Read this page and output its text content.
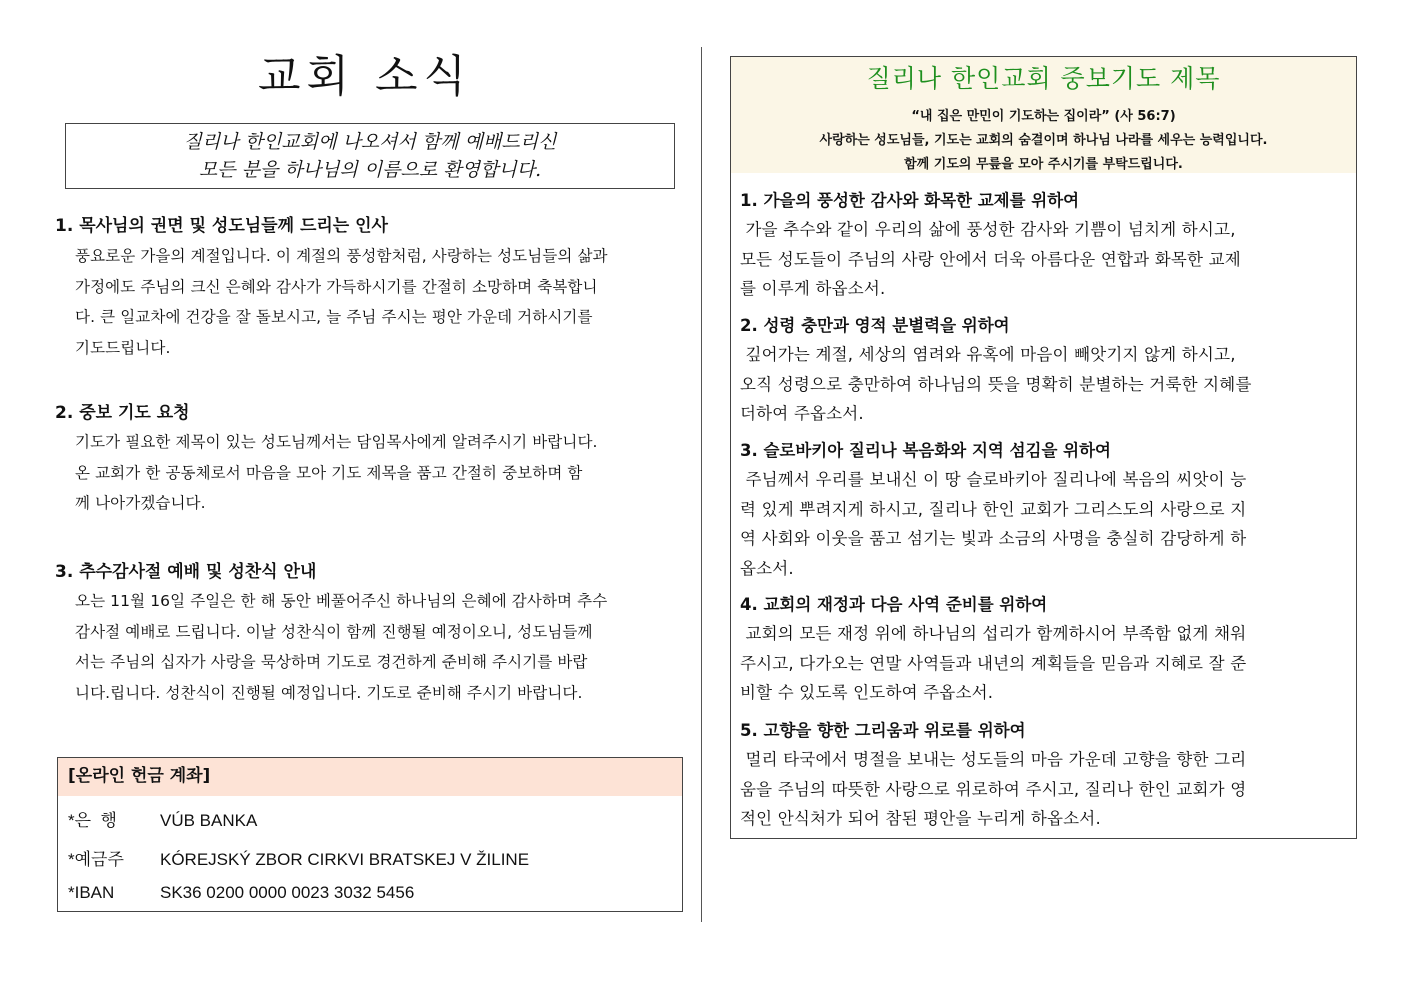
교회 소식
질리나 한인교회에 나오셔서 함께 예배드리신
모든 분을 하나님의 이름으로 환영합니다.
1. 목사님의 권면 및 성도님들께 드리는 인사

풍요로운 가을의 계절입니다. 이 계절의 풍성함처럼, 사랑하는 성도님들의 삶과

가정에도 주님의 크신 은혜와 감사가 가득하시기를 간절히 소망하며 축복합니

다. 큰 일교차에 건강을 잘 돌보시고, 늘 주님 주시는 평안 가운데 거하시기를

기도드립니다.

2. 중보 기도 요청

기도가 필요한 제목이 있는 성도님께서는 담임목사에게 알려주시기 바랍니다.

온 교회가 한 공동체로서 마음을 모아 기도 제목을 품고 간절히 중보하며 함

께 나아가겠습니다.

3. 추수감사절 예배 및 성찬식 안내

오는 11월 16일 주일은 한 해 동안 베풀어주신 하나님의 은혜에 감사하며 추수

감사절 예배로 드립니다. 이날 성찬식이 함께 진행될 예정이오니, 성도님들께

서는 주님의 십자가 사랑을 묵상하며 기도로 경건하게 준비해 주시기를 바랍

니다.립니다. 성찬식이 진행될 예정입니다. 기도로 준비해 주시기 바랍니다.

[온라인 헌금 계좌]
*은  행	VÚB BANKA
*예금주 KÓREJSKÝ ZBOR CIRKVI BRATSKEJ V ŽILINE
*IBAN	SK36 0200 0000 0023 3032 5456
질리나 한인교회 중보기도 제목

“내 집은 만민이 기도하는 집이라” (사 56:7)

사랑하는 성도님들, 기도는 교회의 숨결이며 하나님 나라를 세우는 능력입니다.

함께 기도의 무릎을 모아 주시기를 부탁드립니다.

1. 가을의 풍성한 감사와 화목한 교제를 위하여

가을 추수와 같이 우리의 삶에 풍성한 감사와 기쁨이 넘치게 하시고,

모든 성도들이 주님의 사랑 안에서 더욱 아름다운 연합과 화목한 교제

를 이루게 하옵소서.

2. 성령 충만과 영적 분별력을 위하여

깊어가는 계절, 세상의 염려와 유혹에 마음이 빼앗기지 않게 하시고,

오직 성령으로 충만하여 하나님의 뜻을 명확히 분별하는 거룩한 지혜를

더하여 주옵소서.

3. 슬로바키아 질리나 복음화와 지역 섬김을 위하여

주님께서 우리를 보내신 이 땅 슬로바키아 질리나에 복음의 씨앗이 능

력 있게 뿌려지게 하시고, 질리나 한인 교회가 그리스도의 사랑으로 지

역 사회와 이웃을 품고 섬기는 빛과 소금의 사명을 충실히 감당하게 하

옵소서.

4. 교회의 재정과 다음 사역 준비를 위하여

교회의 모든 재정 위에 하나님의 섭리가 함께하시어 부족함 없게 채워

주시고, 다가오는 연말 사역들과 내년의 계획들을 믿음과 지혜로 잘 준

비할 수 있도록 인도하여 주옵소서.

5. 고향을 향한 그리움과 위로를 위하여

멀리 타국에서 명절을 보내는 성도들의 마음 가운데 고향을 향한 그리

움을 주님의 따뜻한 사랑으로 위로하여 주시고, 질리나 한인 교회가 영

적인 안식처가 되어 참된 평안을 누리게 하옵소서.
